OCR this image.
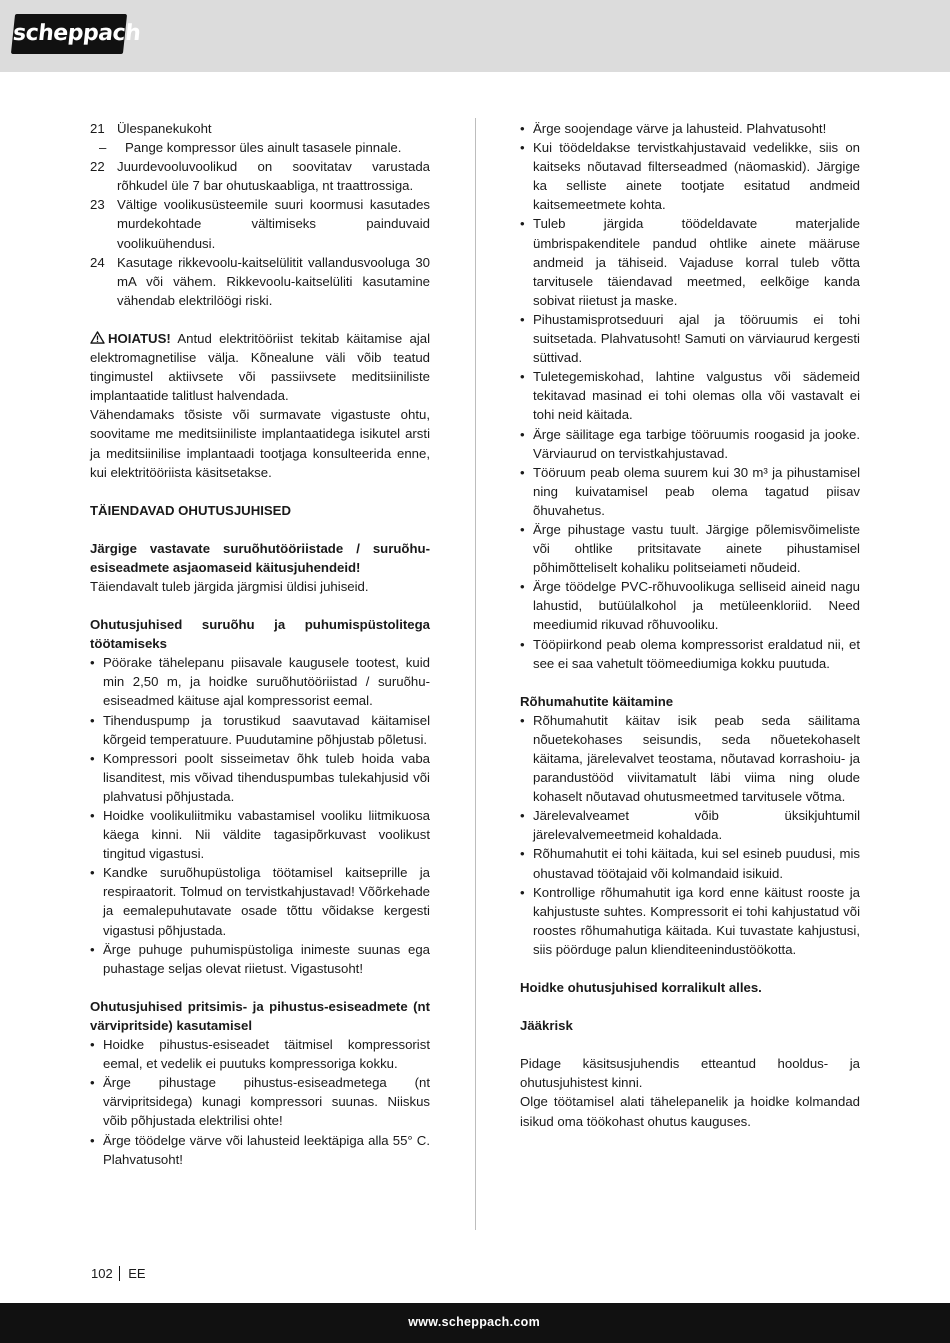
scheppach
21 Ülespanekukoht
–	Pange kompressor üles ainult tasasele pinnale.
22 Juurdevooluvoolikud on soovitatav varustada rõhkudel üle 7 bar ohutuskaabliga, nt traattrossiga.
23 Vältige voolikusüsteemile suuri koormusi kasutades murdekohtade vältimiseks painduvaid voolikuühendusi.
24 Kasutage rikkevoolu-kaitselülitit vallandusvooluga 30 mA või vähem. Rikkevoolu-kaitselüliti kasutamine vähendab elektrilöögi riski.

HOIATUS! Antud elektritööriist tekitab käitamise ajal elektromagnetilise välja. Kõnealune väli võib teatud tingimustel aktiivsete või passiivsete meditsiiniliste implantaatide talitlust halvendada.

Vähendamaks tõsiste või surmavate vigastuste ohtu, soovitame me meditsiiniliste implantaatidega isikutel arsti ja meditsiinilise implantaadi tootjaga konsulteerida enne, kui elektritööriista käsitsetakse.

TÄIENDAVAD OHUTUSJUHISED

Järgige vastavate suruõhutööriistade / suruõhu-esiseadmete asjaomaseid käitusjuhendeid!

Täiendavalt tuleb järgida järgmisi üldisi juhiseid.

Ohutusjuhised suruõhu ja puhumispüstolitega töötamiseks

• Pöörake tähelepanu piisavale kaugusele tootest, kuid min 2,50 m, ja hoidke suruõhutööriistad / suruõhu-esiseadmed käituse ajal kompressorist eemal.
• Tihenduspump ja torustikud saavutavad käitamisel kõrgeid temperatuure. Puudutamine põhjustab põletusi.
• Kompressori poolt sisseimetav õhk tuleb hoida vaba lisanditest, mis võivad tihenduspumbas tulekahjusid või plahvatusi põhjustada.
• Hoidke voolikuliitmiku vabastamisel vooliku liitmikuosa käega kinni. Nii väldite tagasipõrkuvast voolikust tingitud vigastusi.
• Kandke suruõhupüstoliga töötamisel kaitseprille ja respiraatorit. Tolmud on tervistkahjustavad! Võõrkehade ja eemalepuhutavate osade tõttu võidakse kergesti vigastusi põhjustada.
• Ärge puhuge puhumispüstoliga inimeste suunas ega puhastage seljas olevat riietust. Vigastusoht!

Ohutusjuhised pritsimis- ja pihustus-esiseadmete (nt värvipritside) kasutamisel

• Hoidke pihustus-esiseadet täitmisel kompressorist eemal, et vedelik ei puutuks kompressoriga kokku.
• Ärge pihustage pihustus-esiseadmetega (nt värvipritsidega) kunagi kompressori suunas. Niiskus võib põhjustada elektrilisi ohte!
• Ärge töödelge värve või lahusteid leektäpiga alla 55° C. Plahvatusoht!
• Ärge soojendage värve ja lahusteid. Plahvatusoht!
• Kui töödeldakse tervistkahjustavaid vedelikke, siis on kaitseks nõutavad filterseadmed (näomaskid). Järgige ka selliste ainete tootjate esitatud andmeid kaitsemeetmete kohta.
• Tuleb järgida töödeldavate materjalide ümbrispakenditele pandud ohtlike ainete määruse andmeid ja tähiseid. Vajaduse korral tuleb võtta tarvitusele täiendavad meetmed, eelkõige kanda sobivat riietust ja maske.
• Pihustamisprotseduuri ajal ja tööruumis ei tohi suitsetada. Plahvatusoht! Samuti on värviaurud kergesti süttivad.
• Tuletegemiskohad, lahtine valgustus või sädemeid tekitavad masinad ei tohi olemas olla või vastavalt ei tohi neid käitada.
• Ärge säilitage ega tarbige tööruumis roogasid ja jooke. Värviaurud on tervistkahjustavad.
• Tööruum peab olema suurem kui 30 m³ ja pihustamisel ning kuivatamisel peab olema tagatud piisav õhuvahetus.
• Ärge pihustage vastu tuult. Järgige põlemisvõimeliste või ohtlike pritsitavate ainete pihustamisel põhimõtteliselt kohaliku politseiameti nõudeid.
• Ärge töödelge PVC-rõhuvoolikuga selliseid aineid nagu lahustid, butüülalkohol ja metüleenkloriid. Need meediumid rikuvad rõhuvooliku.
• Tööpiirkond peab olema kompressorist eraldatud nii, et see ei saa vahetult töömeediumiga kokku puutuda.

Rõhumahutite käitamine

• Rõhumahutit käitav isik peab seda säilitama nõuetekohases seisundis, seda nõuetekohaselt käitama, järelevalvet teostama, nõutavad korrashoiu- ja parandustööd viivitamatult läbi viima ning olude kohaselt nõutavad ohutusmeetmed tarvitusele võtma.
• Järelevalveamet võib üksikjuhtumil järelevalvemeetmeid kohaldada.
• Rõhumahutit ei tohi käitada, kui sel esineb puudusi, mis ohustavad töötajaid või kolmandaid isikuid.
• Kontrollige rõhumahutit iga kord enne käitust rooste ja kahjustuste suhtes. Kompressorit ei tohi kahjustatud või roostes rõhumahutiga käitada. Kui tuvastate kahjustusi, siis pöörduge palun klienditeenindustöökotta.

Hoidke ohutusjuhised korralikult alles.

Jääkrisk

Pidage käsitsusjuhendis etteantud hooldus- ja ohutusjuhistest kinni.

Olge töötamisel alati tähelepanelik ja hoidke kolmandad isikud oma töökohast ohutus kauguses.

102 EE
www.scheppach.com
